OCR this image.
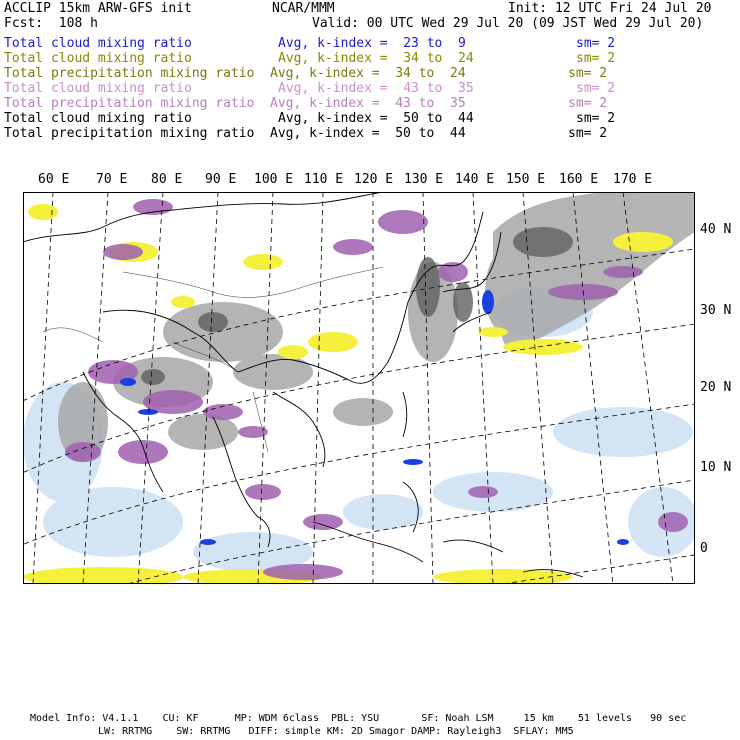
ACCLIP 15km ARW-GFS init	NCAR/MMM	Init: 12 UTC Fri 24 Jul 20
Fcst:  108 h	Valid: 00 UTC Wed 29 Jul 20 (09 JST Wed 29 Jul 20)
Total cloud mixing ratio	Avg, k-index =  23 to  9	sm= 2
Total cloud mixing ratio	Avg, k-index =  34 to  24	sm= 2
Total precipitation mixing ratio Avg, k-index =  34 to  24	sm= 2
Total cloud mixing ratio	Avg, k-index =  43 to  35	sm= 2
Total precipitation mixing ratio Avg, k-index =  43 to  35	sm= 2
Total cloud mixing ratio	Avg, k-index =  50 to  44	sm= 2
Total precipitation mixing ratio Avg, k-index =  50 to  44	sm= 2
60 E 70 E 80 E 90 E 100 E 110 E 120 E 130 E 140 E 150 E 160 E 170 E
40 N
30 N
20 N
10 N
0
Model Info: V4.1.1    CU: KF      MP: WDM 6class  PBL: YSU       SF: Noah LSM     15 km    51 levels   90 sec
LW: RRTMG    SW: RRTMG   DIFF: simple KM: 2D Smagor DAMP: Rayleigh3  SFLAY: MM5
